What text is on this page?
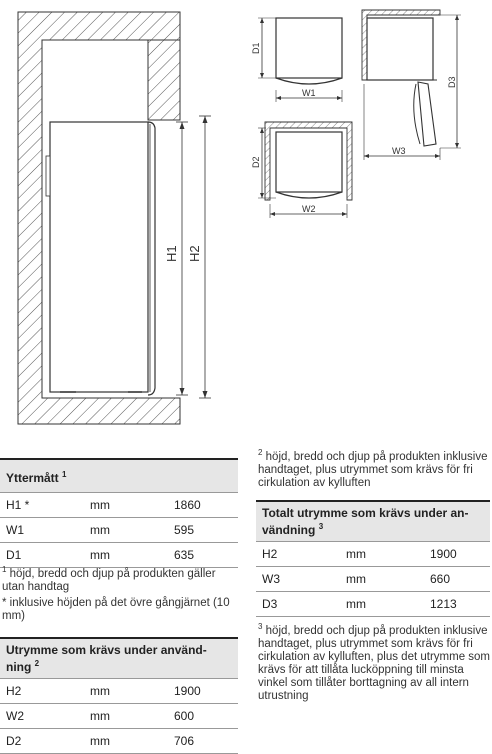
H1 H2
D1
W1
D2
W2
D3
W3
Yttermått $^1$
H1 *	mm	1860
W1	mm	595
D1	mm	635
$^1$ höjd, bredd och djup på produkten gäller utan handtag
* inklusive höjden på det övre gångjärnet (10 mm)
Utrymme som krävs under använd-
ning $^2$
H2	mm	1900
W2	mm	600
D2	mm	706
$^2$ höjd, bredd och djup på produkten inklusive handtaget, plus utrymmet som krävs för fri cirkulation av kylluften
Totalt utrymme som krävs under an-
vändning $^3$
H2	mm	1900
W3	mm	660
D3	mm	1213
$^3$ höjd, bredd och djup på produkten inklusive handtaget, plus utrymmet som krävs för fri cirkulation av kylluften, plus det utrymme som krävs för att tillåta lucköppning till minsta vinkel som tillåter borttagning av all intern utrustning
